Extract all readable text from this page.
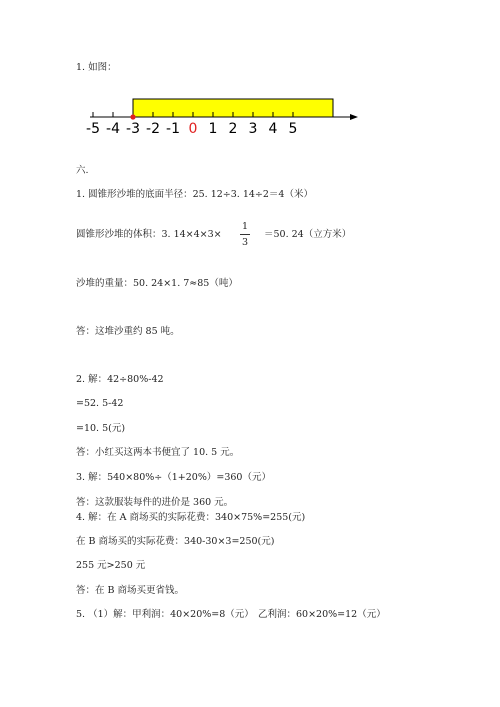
1. 如图：
-5 -4 -3 -2 -1 0 1 2 3 4 5
六.
1. 圆锥形沙堆的底面半径：25. 12÷3. 14÷2＝4（米）
圆锥形沙堆的体积：3. 14×4×3×
1
3
＝50. 24（立方米）
沙堆的重量：50. 24×1. 7≈85（吨）
答：这堆沙重约 85 吨。
2. 解：42÷80%-42
=52. 5-42
=10. 5(元)
答：小红买这两本书便宜了 10. 5 元。
3. 解：540×80%÷（1+20%）=360（元）
答：这款服装每件的进价是 360 元。
4. 解：在 A 商场买的实际花费：340×75%=255(元)
在 B 商场买的实际花费：340-30×3=250(元)
255 元>250 元
答：在 B 商场买更省钱。
5. （1）解：甲利润：40×20%=8（元） 乙利润：60×20%=12（元）
